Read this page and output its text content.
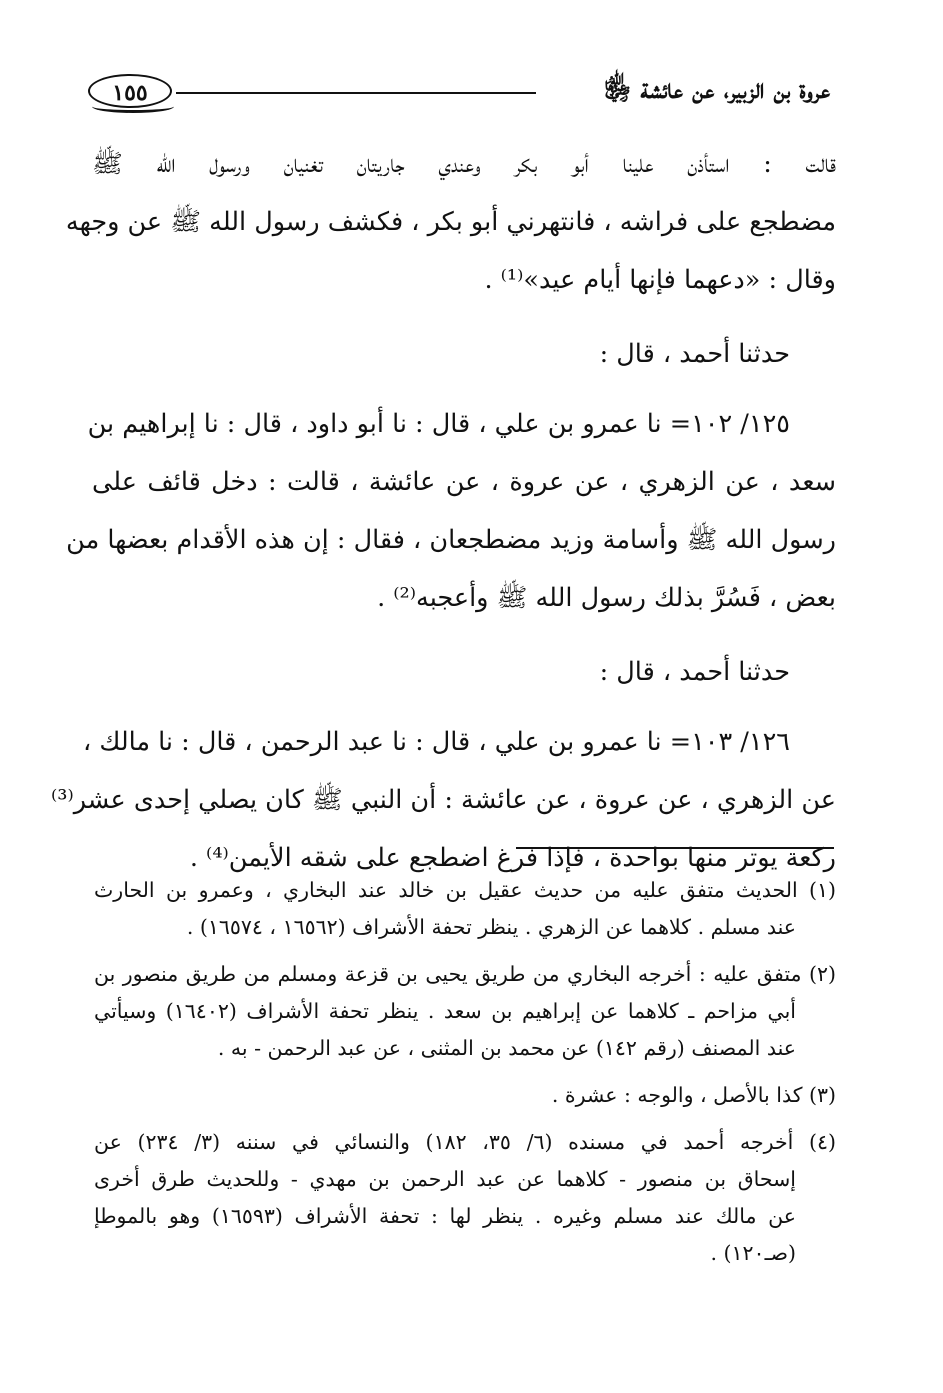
عروة بن الزبير، عن عائشة ﵂
١٥٥

قالت : استأذن علينا أبو بكر وعندي جاريتان تغنيان ورسول الله ﷺ
مضطجع على فراشه ، فانتهرني أبو بكر ، فكشف رسول الله ﷺ عن وجهه
وقال : «دعهما فإنها أيام عيد»⁽¹⁾ .

حدثنا أحمد ، قال :

١٢٥/ ١٠٢= نا عمرو بن علي ، قال : نا أبو داود ، قال : نا إبراهيم بن
سعد ، عن الزهري ، عن عروة ، عن عائشة ، قالت : دخل قائف على
رسول الله ﷺ وأسامة وزيد مضطجعان ، فقال : إن هذه الأقدام بعضها من
بعض ، فَسُرَّ بذلك رسول الله ﷺ وأعجبه⁽²⁾ .

حدثنا أحمد ، قال :

١٢٦/ ١٠٣= نا عمرو بن علي ، قال : نا عبد الرحمن ، قال : نا مالك ،
عن الزهري ، عن عروة ، عن عائشة : أن النبي ﷺ كان يصلي إحدى عشر⁽³⁾
ركعة يوتر منها بواحدة ، فإذا فرغ اضطجع على شقه الأيمن⁽⁴⁾ .

(١) الحديث متفق عليه من حديث عقيل بن خالد عند البخاري ، وعمرو بن الحارث
عند مسلم . كلاهما عن الزهري . ينظر تحفة الأشراف (١٦٥٦٢ ، ١٦٥٧٤) .
(٢) متفق عليه : أخرجه البخاري من طريق يحيى بن قزعة ومسلم من طريق منصور بن
أبي مزاحم ـ كلاهما عن إبراهيم بن سعد . ينظر تحفة الأشراف (١٦٤٠٢) وسيأتي
عند المصنف (رقم ١٤٢) عن محمد بن المثنى ، عن عبد الرحمن - به .
(٣) كذا بالأصل ، والوجه : عشرة .
(٤) أخرجه أحمد في مسنده (٦/ ٣٥، ١٨٢) والنسائي في سننه (٣/ ٢٣٤) عن
إسحاق بن منصور - كلاهما عن عبد الرحمن بن مهدي - وللحديث طرق أخرى
عن مالك عند مسلم وغيره . ينظر لها : تحفة الأشراف (١٦٥٩٣) وهو بالموطإ
(صـ١٢٠) .
